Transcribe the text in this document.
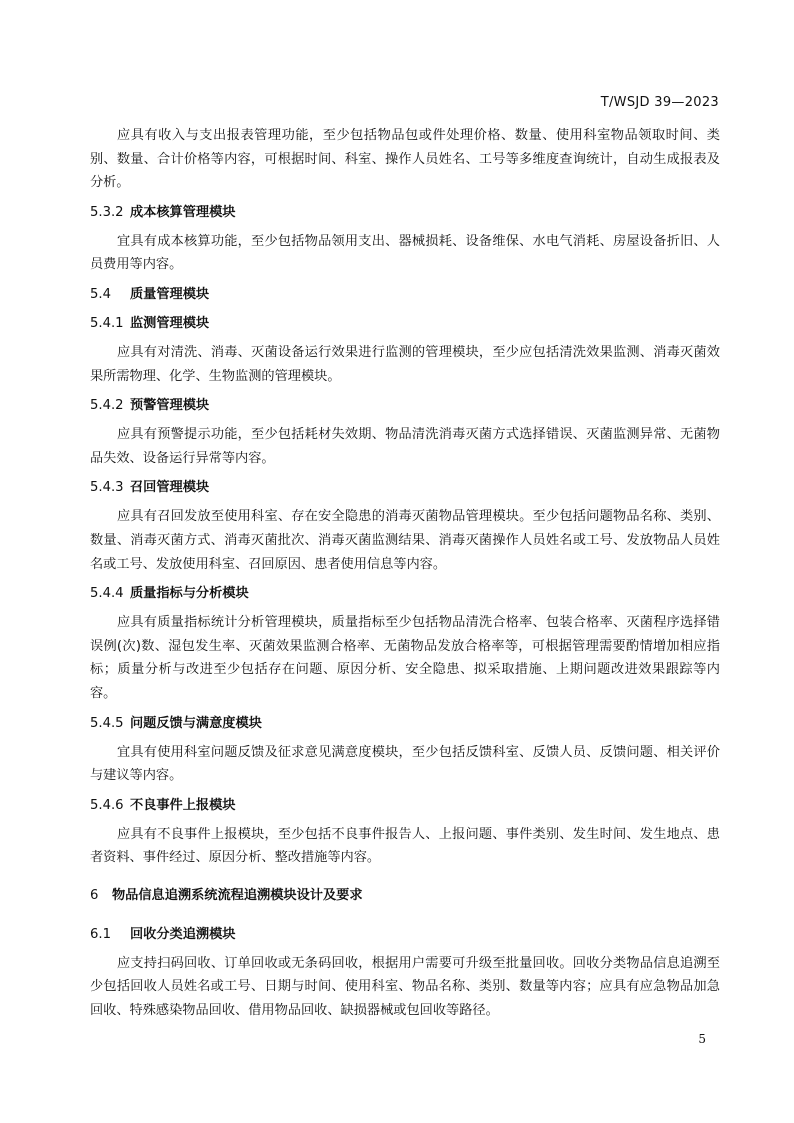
T/WSJD 39—2023

应具有收入与支出报表管理功能，至少包括物品包或件处理价格、数量、使用科室物品领取时间、类别、数量、合计价格等内容，可根据时间、科室、操作人员姓名、工号等多维度查询统计，自动生成报表及分析。

5.3.2 成本核算管理模块

宜具有成本核算功能，至少包括物品领用支出、器械损耗、设备维保、水电气消耗、房屋设备折旧、人员费用等内容。

5.4 质量管理模块
5.4.1 监测管理模块

应具有对清洗、消毒、灭菌设备运行效果进行监测的管理模块，至少应包括清洗效果监测、消毒灭菌效果所需物理、化学、生物监测的管理模块。

5.4.2 预警管理模块

应具有预警提示功能，至少包括耗材失效期、物品清洗消毒灭菌方式选择错误、灭菌监测异常、无菌物品失效、设备运行异常等内容。

5.4.3 召回管理模块

应具有召回发放至使用科室、存在安全隐患的消毒灭菌物品管理模块。至少包括问题物品名称、类别、数量、消毒灭菌方式、消毒灭菌批次、消毒灭菌监测结果、消毒灭菌操作人员姓名或工号、发放物品人员姓名或工号、发放使用科室、召回原因、患者使用信息等内容。

5.4.4 质量指标与分析模块

应具有质量指标统计分析管理模块，质量指标至少包括物品清洗合格率、包装合格率、灭菌程序选择错误例(次)数、湿包发生率、灭菌效果监测合格率、无菌物品发放合格率等，可根据管理需要酌情增加相应指标；质量分析与改进至少包括存在问题、原因分析、安全隐患、拟采取措施、上期问题改进效果跟踪等内容。

5.4.5 问题反馈与满意度模块

宜具有使用科室问题反馈及征求意见满意度模块，至少包括反馈科室、反馈人员、反馈问题、相关评价与建议等内容。

5.4.6 不良事件上报模块

应具有不良事件上报模块，至少包括不良事件报告人、上报问题、事件类别、发生时间、发生地点、患者资料、事件经过、原因分析、整改措施等内容。

6 物品信息追溯系统流程追溯模块设计及要求
6.1 回收分类追溯模块

应支持扫码回收、订单回收或无条码回收，根据用户需要可升级至批量回收。回收分类物品信息追溯至少包括回收人员姓名或工号、日期与时间、使用科室、物品名称、类别、数量等内容；应具有应急物品加急回收、特殊感染物品回收、借用物品回收、缺损器械或包回收等路径。

5
